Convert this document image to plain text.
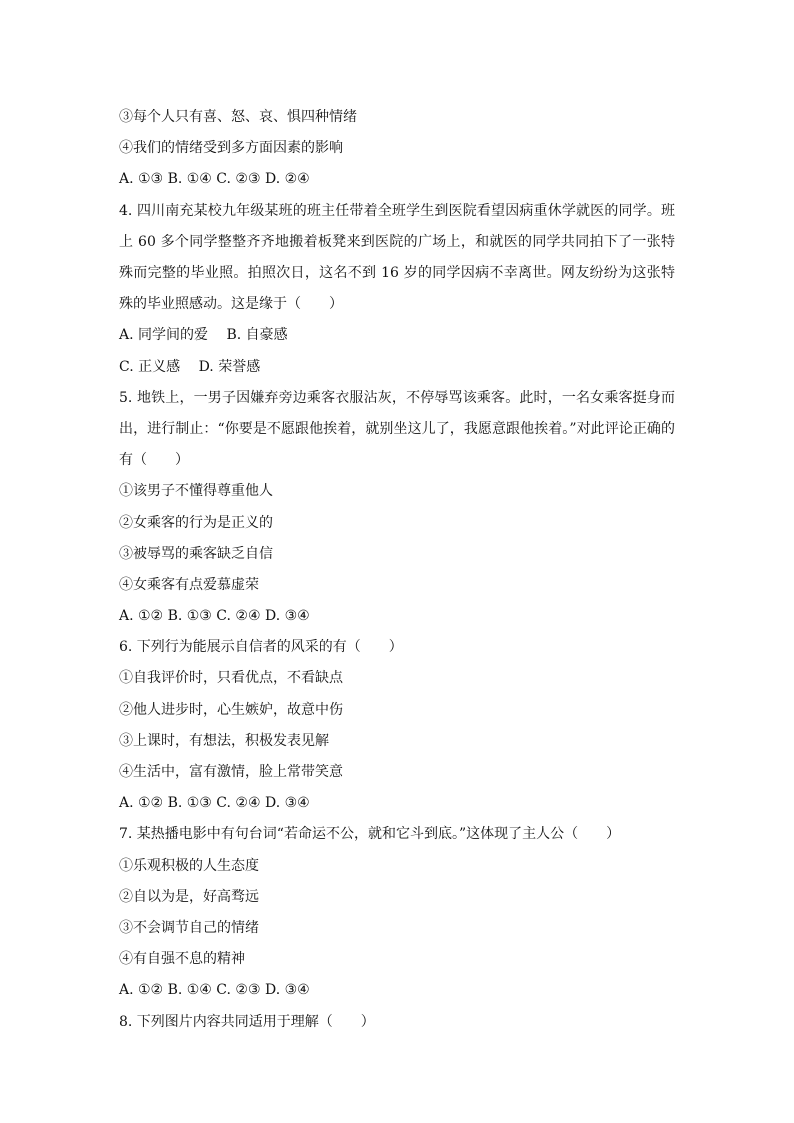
③每个人只有喜、怒、哀、惧四种情绪
④我们的情绪受到多方面因素的影响
A. ①③ B. ①④ C. ②③ D. ②④
4. 四川南充某校九年级某班的班主任带着全班学生到医院看望因病重休学就医的同学。班上 60 多个同学整整齐齐地搬着板凳来到医院的广场上，和就医的同学共同拍下了一张特殊而完整的毕业照。拍照次日，这名不到 16 岁的同学因病不幸离世。网友纷纷为这张特殊的毕业照感动。这是缘于（　　）
A. 同学间的爱　 B. 自豪感
C. 正义感　 D. 荣誉感
5. 地铁上，一男子因嫌弃旁边乘客衣服沾灰，不停辱骂该乘客。此时，一名女乘客挺身而出，进行制止：“你要是不愿跟他挨着，就别坐这儿了，我愿意跟他挨着。”对此评论正确的有（　　）
①该男子不懂得尊重他人
②女乘客的行为是正义的
③被辱骂的乘客缺乏自信
④女乘客有点爱慕虚荣
A. ①② B. ①③ C. ②④ D. ③④
6. 下列行为能展示自信者的风采的有（　　）
①自我评价时，只看优点，不看缺点
②他人进步时，心生嫉妒，故意中伤
③上课时，有想法，积极发表见解
④生活中，富有激情，脸上常带笑意
A. ①② B. ①③ C. ②④ D. ③④
7. 某热播电影中有句台词“若命运不公，就和它斗到底。”这体现了主人公（　　）
①乐观积极的人生态度
②自以为是，好高骛远
③不会调节自己的情绪
④有自强不息的精神
A. ①② B. ①④ C. ②③ D. ③④
8. 下列图片内容共同适用于理解（　　）
